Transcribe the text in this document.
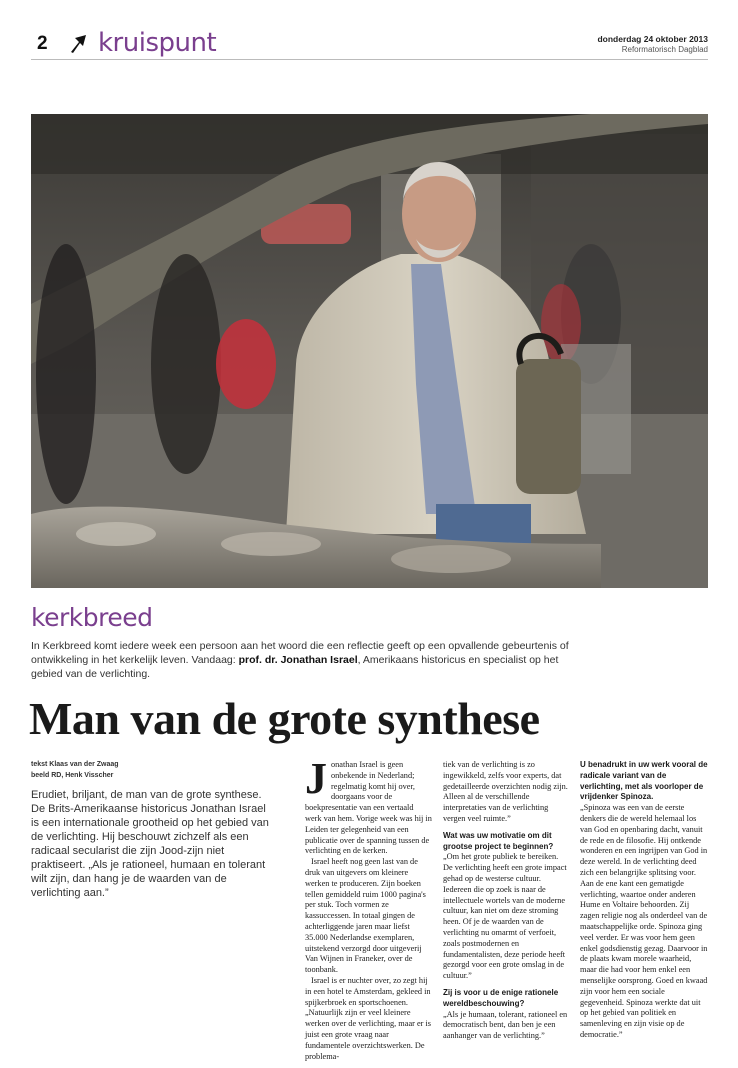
2 kruispunt	donderdag 24 oktober 2013
Reformatorisch Dagblad
kerkbreed
In Kerkbreed komt iedere week een persoon aan het woord die een reflectie geeft op een opvallende gebeurtenis of ontwikkeling in het kerkelijk leven. Vandaag: prof. dr. Jonathan Israel, Amerikaans historicus en specialist op het gebied van de verlichting.
Man van de grote synthese
tekst Klaas van der Zwaag
beeld RD, Henk Visscher
Erudiet, briljant, de man van de grote synthese. De Brits-Amerikaanse historicus Jonathan Israel is een internationale grootheid op het gebied van de verlichting. Hij beschouwt zichzelf als een radicaal secularist die zijn Jood-zijn niet praktiseert. „Als je rationeel, humaan en tolerant wilt zijn, dan hang je de waarden van de verlichting aan.”
J onathan Israel is geen onbekende in Nederland; regelmatig komt hij over, doorgaans voor de boekpresentatie van een vertaald werk van hem. Vorige week was hij in Leiden ter gelegenheid van een publicatie over de spanning tussen de verlichting en de kerken.

Israel heeft nog geen last van de druk van uitgevers om kleinere werken te produceren. Zijn boeken tellen gemiddeld ruim 1000 pagina's per stuk. Toch vormen ze kassuccessen. In totaal gingen de achterliggende jaren maar liefst 35.000 Nederlandse exemplaren, uitstekend verzorgd door uitgeverij Van Wijnen in Franeker, over de toonbank.

Israel is er nuchter over, zo zegt hij in een hotel te Amsterdam, gekleed in spijkerbroek en sportschoenen. „Natuurlijk zijn er veel kleinere werken over de verlichting, maar er is juist een grote vraag naar fundamentele overzichtswerken. De problema-

tiek van de verlichting is zo ingewikkeld, zelfs voor experts, dat gedetailleerde overzichten nodig zijn. Alleen al de verschillende interpretaties van de verlichting vergen veel ruimte.”

Wat was uw motivatie om dit grootse project te beginnen?

„Om het grote publiek te bereiken. De verlichting heeft een grote impact gehad op de westerse cultuur. Iedereen die op zoek is naar de intellectuele wortels van de moderne cultuur, kan niet om deze stroming heen. Of je de waarden van de verlichting nu omarmt of verfoeit, zoals postmodernen en fundamentalisten, deze periode heeft gezorgd voor een grote omslag in de cultuur.”

Zij is voor u de enige rationele wereldbeschouwing?

„Als je humaan, tolerant, rationeel en democratisch bent, dan ben je een aanhanger van de verlichting.”

U benadrukt in uw werk vooral de radicale variant van de verlichting, met als voorloper de vrijdenker Spinoza.

„Spinoza was een van de eerste denkers die de wereld helemaal los van God en openbaring dacht, vanuit de rede en de filosofie. Hij ontkende wonderen en een ingrijpen van God in deze wereld. In de verlichting deed zich een belangrijke splitsing voor. Aan de ene kant een gematigde verlichting, waartoe onder anderen Hume en Voltaire behoorden. Zij zagen religie nog als onderdeel van de maatschappelijke orde. Spinoza ging veel verder. Er was voor hem geen enkel godsdienstig gezag. Daarvoor in de plaats kwam morele waarheid, maar die had voor hem enkel een menselijke oorsprong. Goed en kwaad zijn voor hem een sociale gegevenheid. Spinoza werkte dat uit op het gebied van politiek en samenleving en zijn visie op de democratie.”
